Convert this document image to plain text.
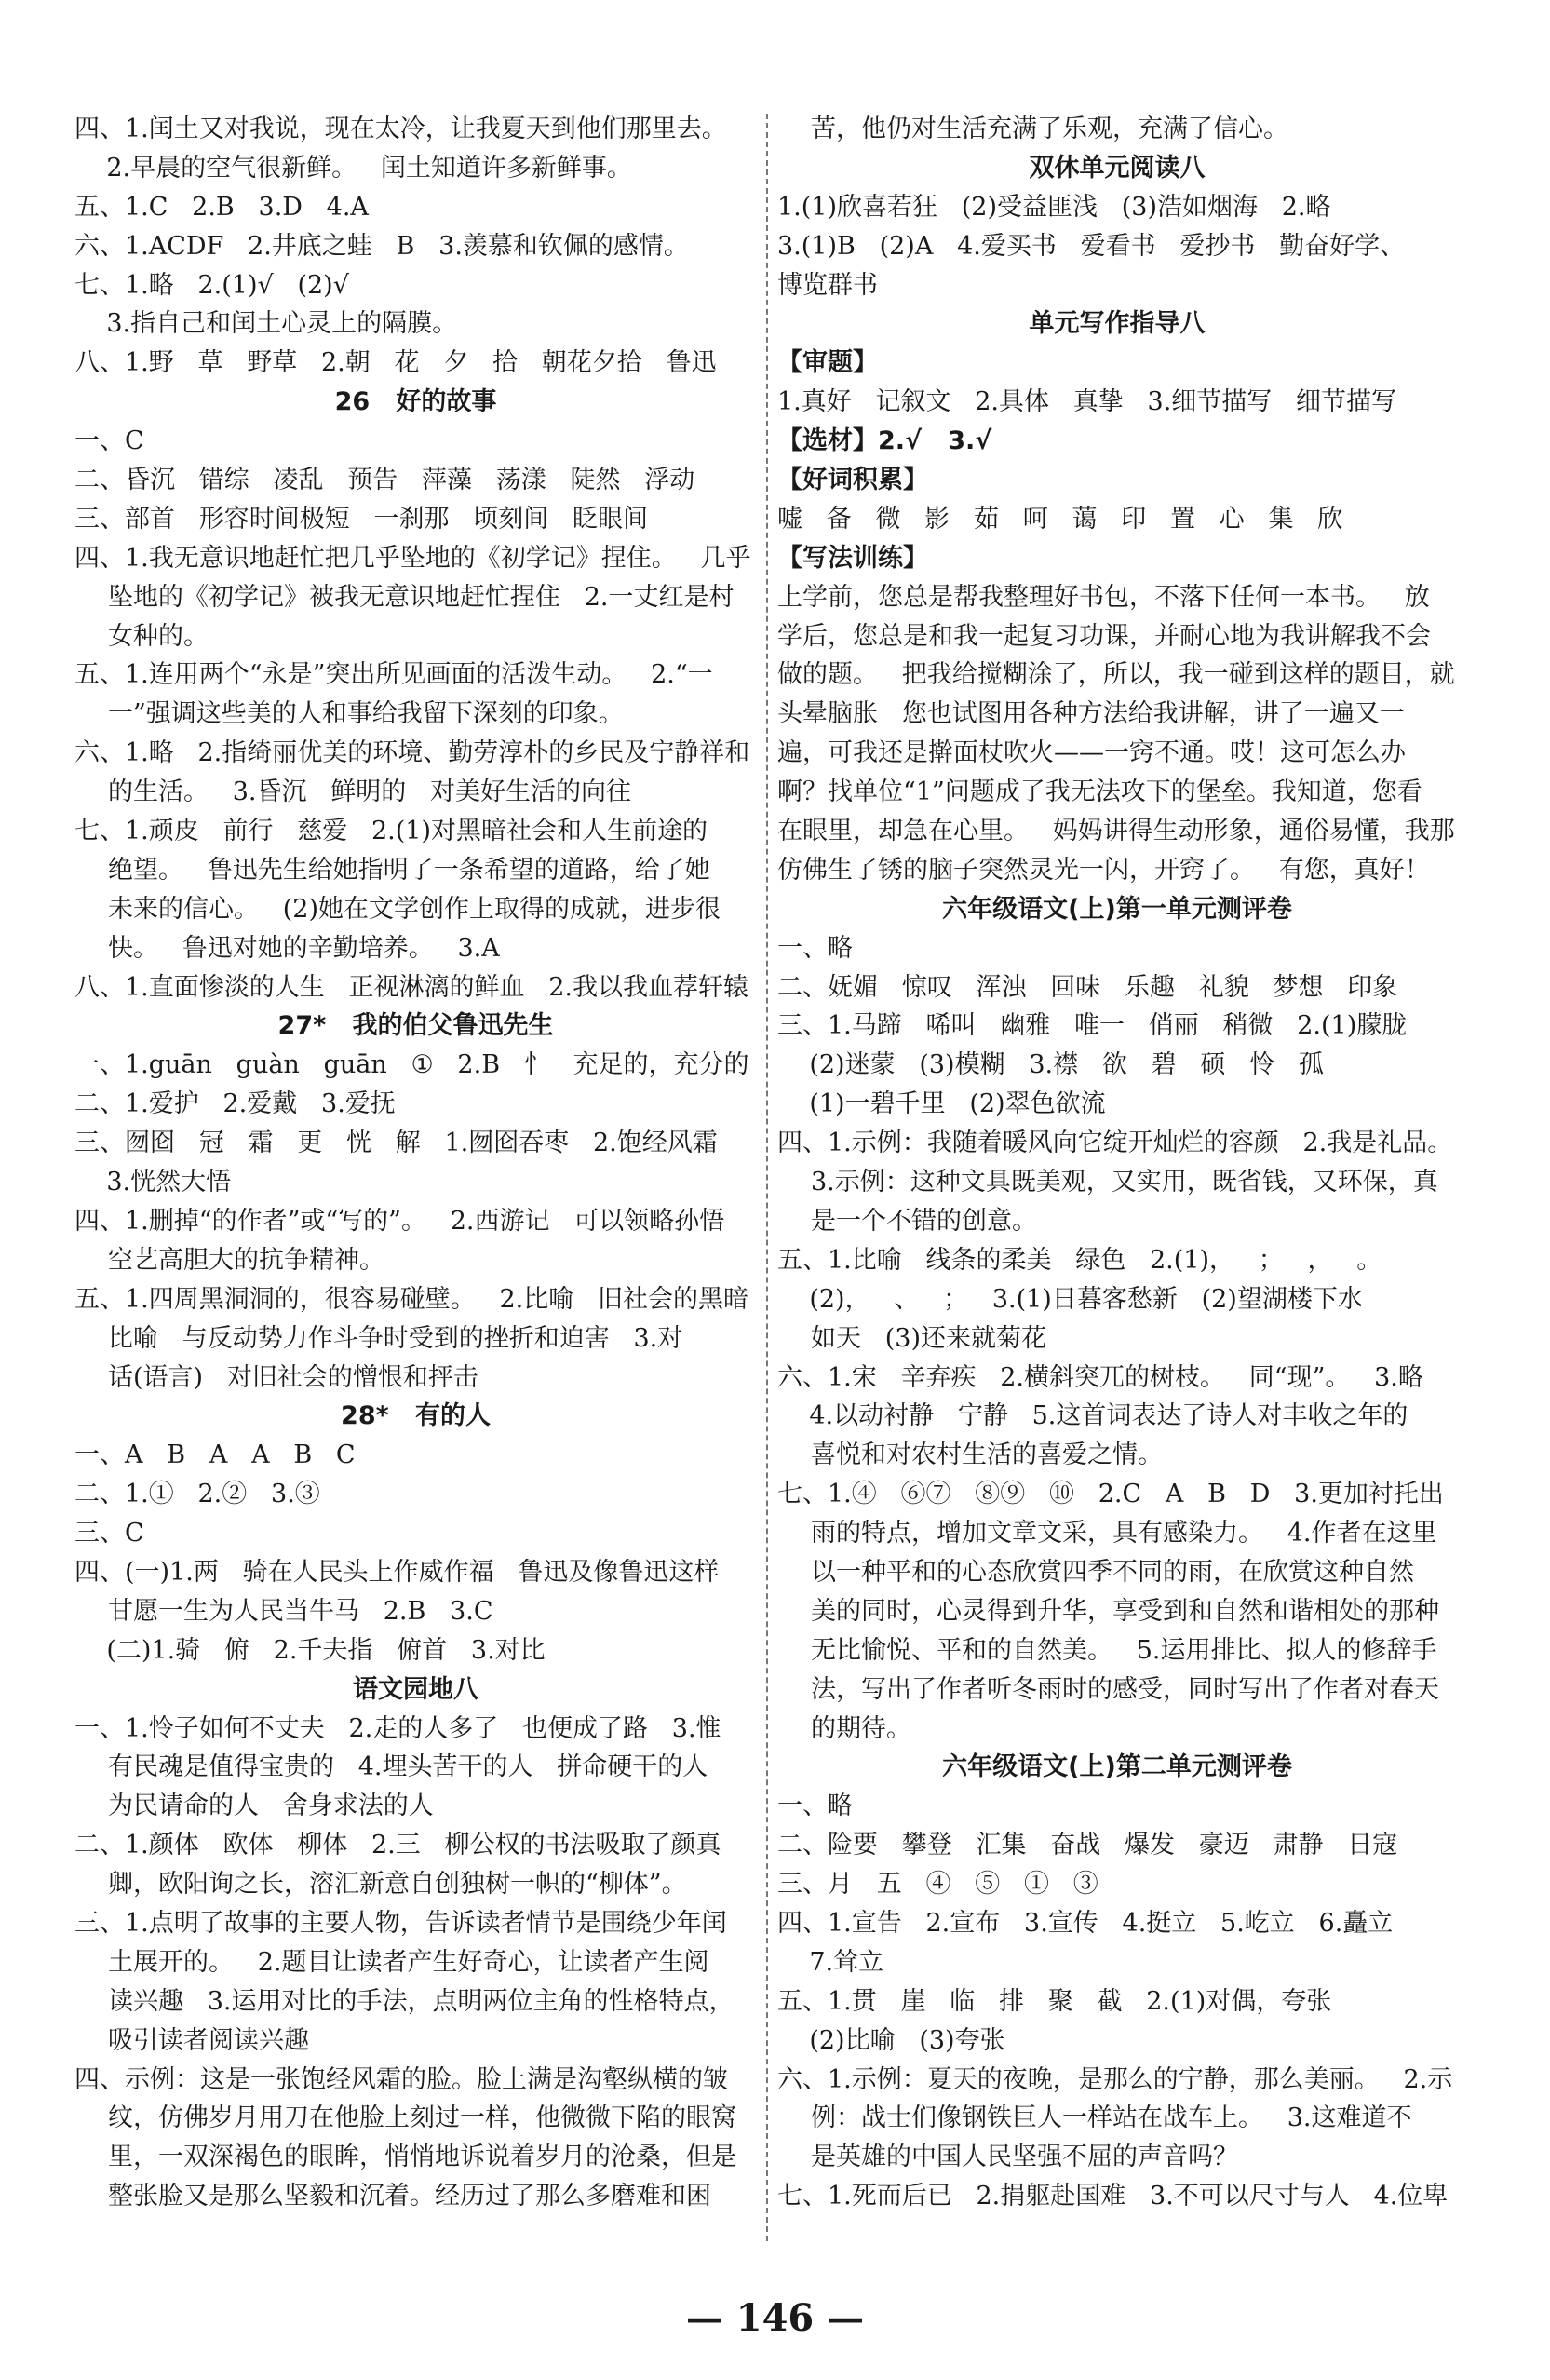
四、1.闰土又对我说，现在太冷，让我夏天到他们那里去。
2.早晨的空气很新鲜。   闰土知道许多新鲜事。
五、1.C   2.B   3.D   4.A
六、1.ACDF   2.井底之蛙   B   3.羡慕和钦佩的感情。
七、1.略   2.(1)√   (2)√
3.指自己和闰土心灵上的隔膜。
八、1.野   草   野草   2.朝   花   夕   拾   朝花夕拾   鲁迅
26   好的故事
一、C
二、昏沉   错综   凌乱   预告   萍藻   荡漾   陡然   浮动
三、部首   形容时间极短   一刹那   顷刻间   眨眼间
四、1.我无意识地赶忙把几乎坠地的《初学记》捏住。   几乎
坠地的《初学记》被我无意识地赶忙捏住   2.一丈红是村
女种的。
五、1.连用两个“永是”突出所见画面的活泼生动。   2.“一
一”强调这些美的人和事给我留下深刻的印象。
六、1.略   2.指绮丽优美的环境、勤劳淳朴的乡民及宁静祥和
的生活。   3.昏沉   鲜明的   对美好生活的向往
七、1.顽皮   前行   慈爱   2.(1)对黑暗社会和人生前途的
绝望。   鲁迅先生给她指明了一条希望的道路，给了她
未来的信心。   (2)她在文学创作上取得的成就，进步很
快。   鲁迅对她的辛勤培养。   3.A
八、1.直面惨淡的人生   正视淋漓的鲜血   2.我以我血荐轩辕
27*   我的伯父鲁迅先生
一、1.guān   guàn   guān   ①   2.B   忄   充足的，充分的
二、1.爱护   2.爱戴   3.爱抚
三、囫囵   冠   霜   更   恍   解   1.囫囵吞枣   2.饱经风霜
3.恍然大悟
四、1.删掉“的作者”或“写的”。   2.西游记   可以领略孙悟
空艺高胆大的抗争精神。
五、1.四周黑洞洞的，很容易碰壁。   2.比喻   旧社会的黑暗
比喻   与反动势力作斗争时受到的挫折和迫害   3.对
话(语言)   对旧社会的憎恨和抨击
28*   有的人
一、A   B   A   A   B   C
二、1.①   2.②   3.③
三、C
四、(一)1.两   骑在人民头上作威作福   鲁迅及像鲁迅这样
甘愿一生为人民当牛马   2.B   3.C
(二)1.骑   俯   2.千夫指   俯首   3.对比
语文园地八
一、1.怜子如何不丈夫   2.走的人多了   也便成了路   3.惟
有民魂是值得宝贵的   4.埋头苦干的人   拼命硬干的人
为民请命的人   舍身求法的人
二、1.颜体   欧体   柳体   2.三   柳公权的书法吸取了颜真
卿，欧阳询之长，溶汇新意自创独树一帜的“柳体”。
三、1.点明了故事的主要人物，告诉读者情节是围绕少年闰
土展开的。   2.题目让读者产生好奇心，让读者产生阅
读兴趣   3.运用对比的手法，点明两位主角的性格特点，
吸引读者阅读兴趣
四、示例：这是一张饱经风霜的脸。脸上满是沟壑纵横的皱
纹，仿佛岁月用刀在他脸上刻过一样，他微微下陷的眼窝
里，一双深褐色的眼眸，悄悄地诉说着岁月的沧桑，但是
整张脸又是那么坚毅和沉着。经历过了那么多磨难和困
苦，他仍对生活充满了乐观，充满了信心。
双休单元阅读八
1.(1)欣喜若狂   (2)受益匪浅   (3)浩如烟海   2.略
3.(1)B   (2)A   4.爱买书   爱看书   爱抄书   勤奋好学、
博览群书
单元写作指导八
【审题】
1.真好   记叙文   2.具体   真挚   3.细节描写   细节描写
【选材】2.√   3.√
【好词积累】
嘘   备   微   影   茹   呵   蔼   印   置   心   集   欣
【写法训练】
上学前，您总是帮我整理好书包，不落下任何一本书。   放
学后，您总是和我一起复习功课，并耐心地为我讲解我不会
做的题。   把我给搅糊涂了，所以，我一碰到这样的题目，就
头晕脑胀   您也试图用各种方法给我讲解，讲了一遍又一
遍，可我还是擀面杖吹火——一窍不通。哎！这可怎么办
啊？找单位“1”问题成了我无法攻下的堡垒。我知道，您看
在眼里，却急在心里。   妈妈讲得生动形象，通俗易懂，我那
仿佛生了锈的脑子突然灵光一闪，开窍了。   有您，真好！
六年级语文(上)第一单元测评卷
一、略
二、妩媚   惊叹   浑浊   回味   乐趣   礼貌   梦想   印象
三、1.马蹄   唏叫   幽雅   唯一   俏丽   稍微   2.(1)朦胧
(2)迷蒙   (3)模糊   3.襟   欲   碧   硕   怜   孤
(1)一碧千里   (2)翠色欲流
四、1.示例：我随着暖风向它绽开灿烂的容颜   2.我是礼品。
3.示例：这种文具既美观，又实用，既省钱，又环保，真
是一个不错的创意。
五、1.比喻   线条的柔美   绿色   2.(1)，   ；   ，   。
(2)，   、   ；   3.(1)日暮客愁新   (2)望湖楼下水
如天   (3)还来就菊花
六、1.宋   辛弃疾   2.横斜突兀的树枝。   同“现”。   3.略
4.以动衬静   宁静   5.这首词表达了诗人对丰收之年的
喜悦和对农村生活的喜爱之情。
七、1.④   ⑥⑦   ⑧⑨   ⑩   2.C   A   B   D   3.更加衬托出
雨的特点，增加文章文采，具有感染力。   4.作者在这里
以一种平和的心态欣赏四季不同的雨，在欣赏这种自然
美的同时，心灵得到升华，享受到和自然和谐相处的那种
无比愉悦、平和的自然美。   5.运用排比、拟人的修辞手
法，写出了作者听冬雨时的感受，同时写出了作者对春天
的期待。
六年级语文(上)第二单元测评卷
一、略
二、险要   攀登   汇集   奋战   爆发   豪迈   肃静   日寇
三、月   五   ④   ⑤   ①   ③
四、1.宣告   2.宣布   3.宣传   4.挺立   5.屹立   6.矗立
7.耸立
五、1.贯   崖   临   排   聚   截   2.(1)对偶，夸张
(2)比喻   (3)夸张
六、1.示例：夏天的夜晚，是那么的宁静，那么美丽。   2.示
例：战士们像钢铁巨人一样站在战车上。   3.这难道不
是英雄的中国人民坚强不屈的声音吗？
七、1.死而后已   2.捐躯赴国难   3.不可以尺寸与人   4.位卑
— 146 —
